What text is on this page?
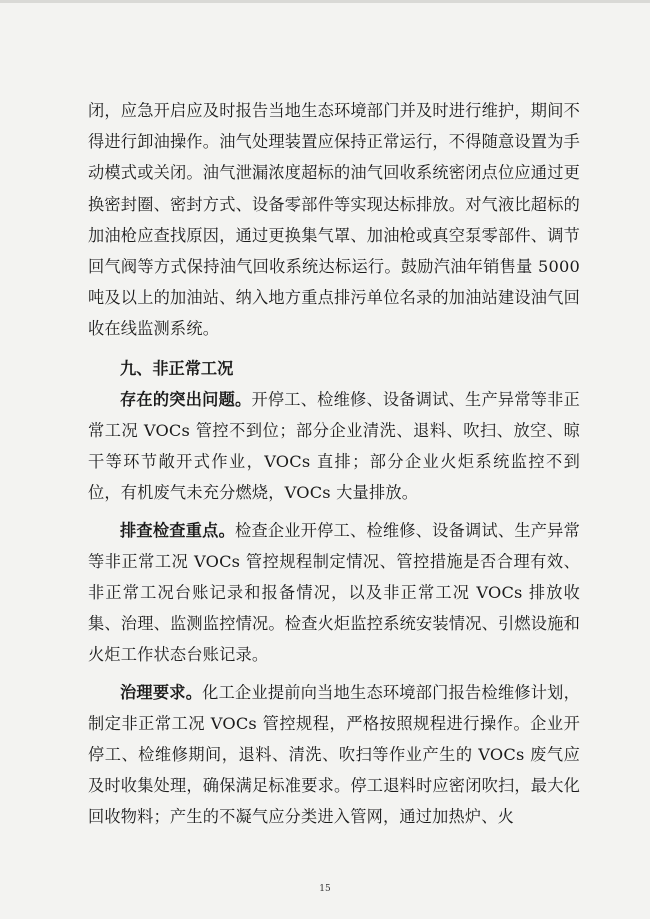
闭，应急开启应及时报告当地生态环境部门并及时进行维护，期间不得进行卸油操作。油气处理装置应保持正常运行，不得随意设置为手动模式或关闭。油气泄漏浓度超标的油气回收系统密闭点位应通过更换密封圈、密封方式、设备零部件等实现达标排放。对气液比超标的加油枪应查找原因，通过更换集气罩、加油枪或真空泵零部件、调节回气阀等方式保持油气回收系统达标运行。鼓励汽油年销售量 5000 吨及以上的加油站、纳入地方重点排污单位名录的加油站建设油气回收在线监测系统。

九、非正常工况

存在的突出问题。开停工、检维修、设备调试、生产异常等非正常工况 VOCs 管控不到位；部分企业清洗、退料、吹扫、放空、晾干等环节敞开式作业，VOCs 直排；部分企业火炬系统监控不到位，有机废气未充分燃烧，VOCs 大量排放。

排查检查重点。检查企业开停工、检维修、设备调试、生产异常等非正常工况 VOCs 管控规程制定情况、管控措施是否合理有效、非正常工况台账记录和报备情况，以及非正常工况 VOCs 排放收集、治理、监测监控情况。检查火炬监控系统安装情况、引燃设施和火炬工作状态台账记录。

治理要求。化工企业提前向当地生态环境部门报告检维修计划，制定非正常工况 VOCs 管控规程，严格按照规程进行操作。企业开停工、检维修期间，退料、清洗、吹扫等作业产生的 VOCs 废气应及时收集处理，确保满足标准要求。停工退料时应密闭吹扫，最大化回收物料；产生的不凝气应分类进入管网，通过加热炉、火

15
